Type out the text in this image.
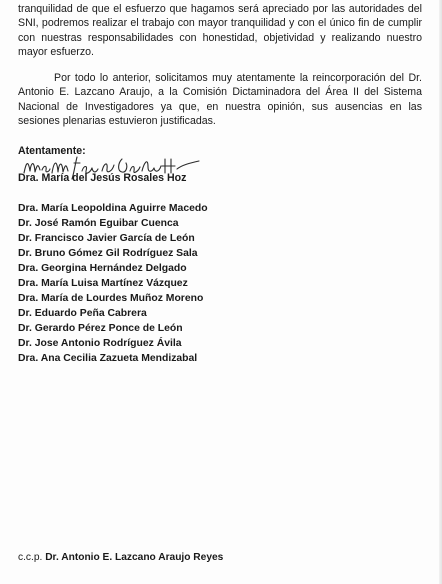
tranquilidad de que el esfuerzo que hagamos será apreciado por las autoridades del SNI, podremos realizar el trabajo con mayor tranquilidad y con el único fin de cumplir con nuestras responsabilidades con honestidad, objetividad y realizando nuestro mayor esfuerzo.

Por todo lo anterior, solicitamos muy atentamente la reincorporación del Dr. Antonio E. Lazcano Araujo, a la Comisión Dictaminadora del Área II del Sistema Nacional de Investigadores ya que, en nuestra opinión, sus ausencias en las sesiones plenarias estuvieron justificadas.

Atentamente:

Dra. María del Jesús Rosales Hoz

Dra. María Leopoldina Aguirre Macedo
Dr. José Ramón Eguibar Cuenca
Dr. Francisco Javier García de León
Dr. Bruno Gómez Gil Rodríguez Sala
Dra. Georgina Hernández Delgado
Dra. María Luisa Martínez Vázquez
Dra. María de Lourdes Muñoz Moreno
Dr. Eduardo Peña Cabrera
Dr. Gerardo Pérez Ponce de León
Dr. Jose Antonio Rodríguez Ávila
Dra. Ana Cecilia Zazueta Mendizabal

c.c.p. Dr. Antonio E. Lazcano Araujo Reyes
